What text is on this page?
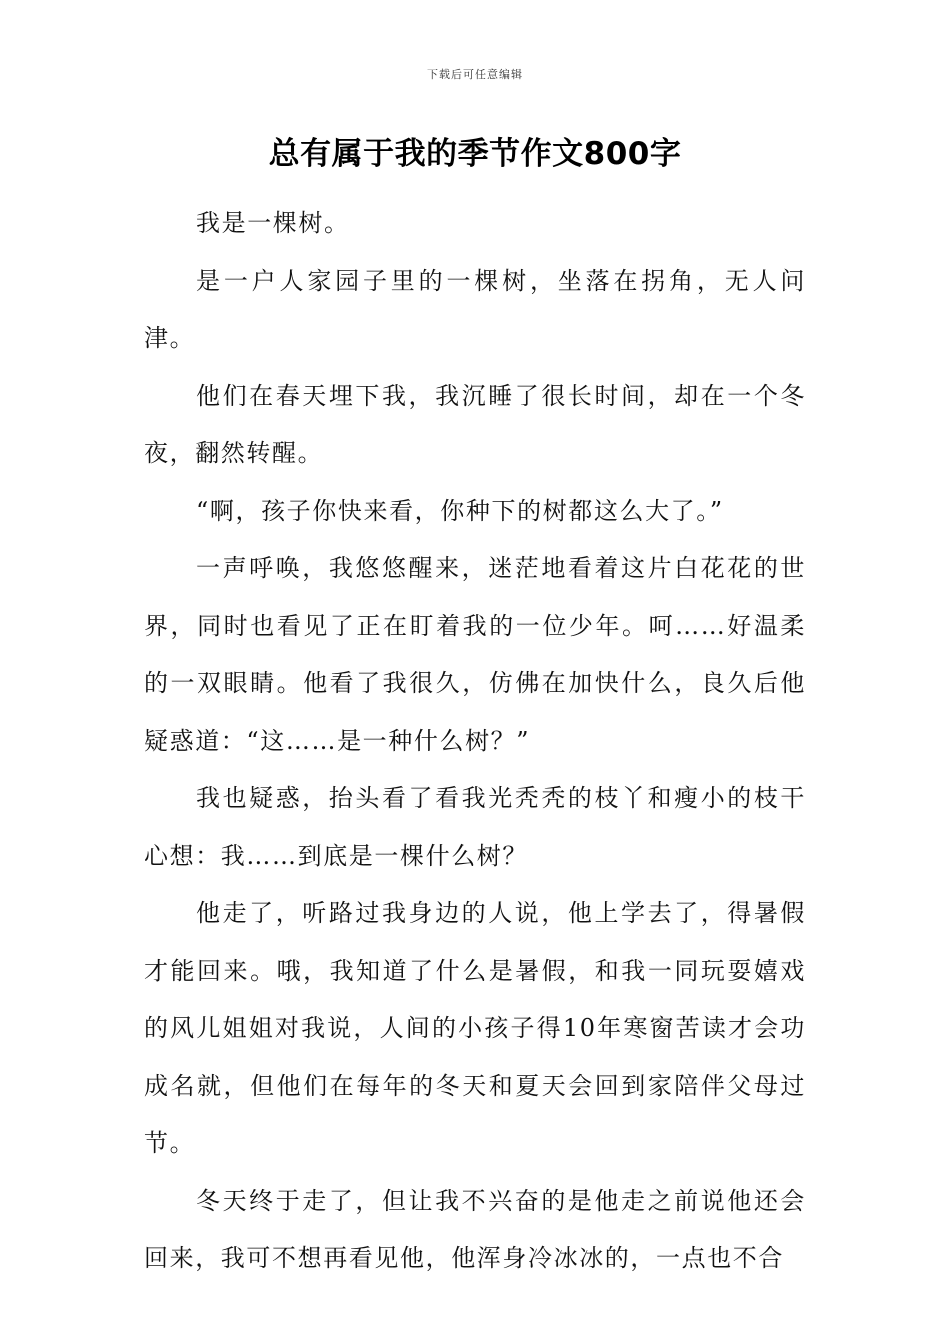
下载后可任意编辑
总有属于我的季节作文800字

我是一棵树。

是一户人家园子里的一棵树，坐落在拐角，无人问津。

他们在春天埋下我，我沉睡了很长时间，却在一个冬夜，翻然转醒。

“啊，孩子你快来看，你种下的树都这么大了。”

一声呼唤，我悠悠醒来，迷茫地看着这片白花花的世界，同时也看见了正在盯着我的一位少年。呵……好温柔的一双眼睛。他看了我很久，仿佛在加快什么，良久后他疑惑道：“这……是一种什么树？”

我也疑惑，抬头看了看我光秃秃的枝丫和瘦小的枝干心想：我……到底是一棵什么树？

他走了，听路过我身边的人说，他上学去了，得暑假才能回来。哦，我知道了什么是暑假，和我一同玩耍嬉戏的风儿姐姐对我说，人间的小孩子得10年寒窗苦读才会功成名就，但他们在每年的冬天和夏天会回到家陪伴父母过节。

冬天终于走了，但让我不兴奋的是他走之前说他还会回来，我可不想再看见他，他浑身冷冰冰的，一点也不合
